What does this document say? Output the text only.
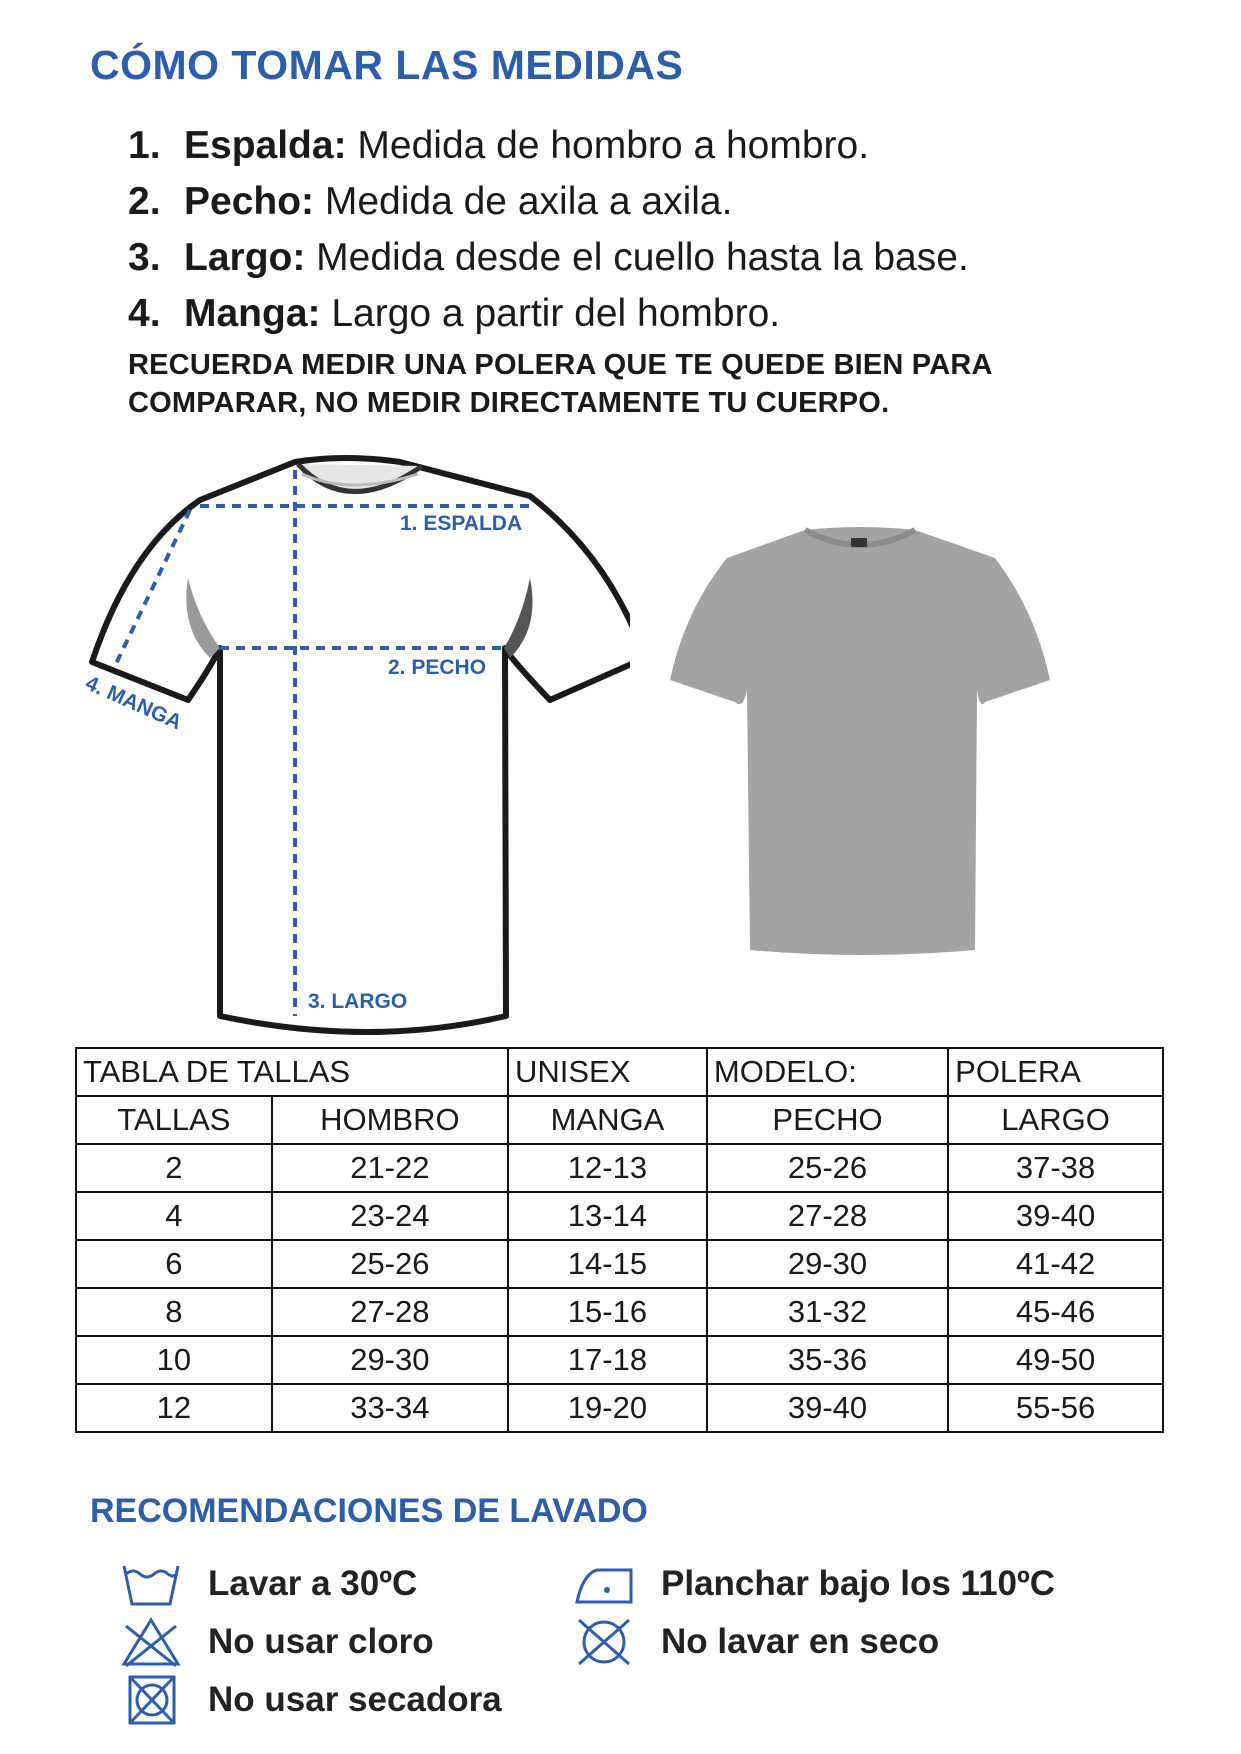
CÓMO TOMAR LAS MEDIDAS
1. Espalda: Medida de hombro a hombro.
2. Pecho: Medida de axila a axila.
3. Largo: Medida desde el cuello hasta la base.
4. Manga: Largo a partir del hombro.
RECUERDA MEDIR UNA POLERA QUE TE QUEDE BIEN PARA
COMPARAR, NO MEDIR DIRECTAMENTE TU CUERPO.
1. ESPALDA
2. PECHO
3. LARGO
4. MANGA
TABLA DE TALLAS		UNISEX	MODELO:	POLERA
TALLAS	HOMBRO	MANGA	PECHO	LARGO
2	21-22	12-13	25-26	37-38
4	23-24	13-14	27-28	39-40
6	25-26	14-15	29-30	41-42
8	27-28	15-16	31-32	45-46
10	29-30	17-18	35-36	49-50
12	33-34	19-20	39-40	55-56
RECOMENDACIONES DE LAVADO
Lavar a 30ºC
No usar cloro
No usar secadora
Planchar bajo los 110ºC
No lavar en seco
